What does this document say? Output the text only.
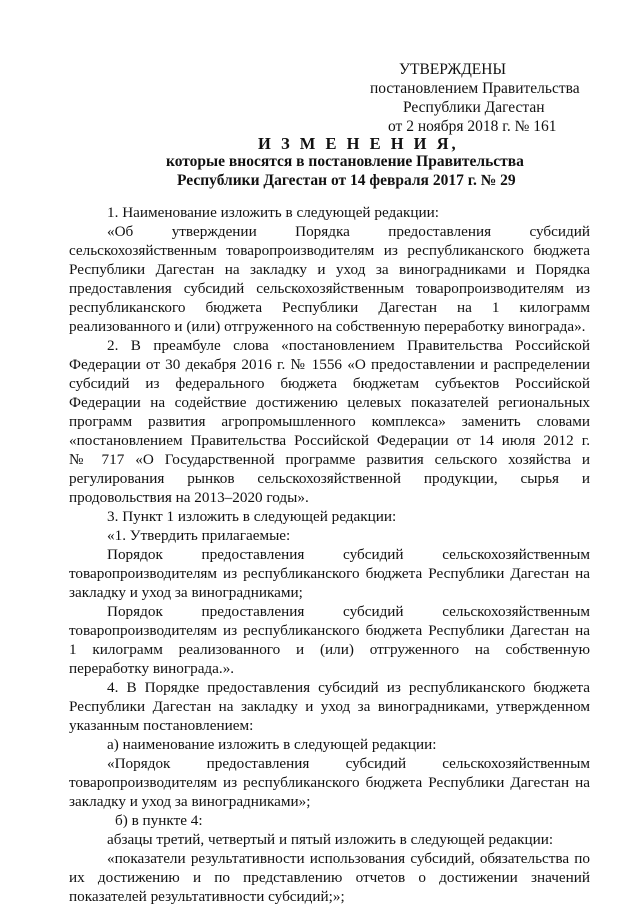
УТВЕРЖДЕНЫ
постановлением Правительства
Республики Дагестан
от 2 ноября 2018 г. № 161
И З М Е Н Е Н И Я,
которые вносятся в постановление Правительства
Республики Дагестан от 14 февраля 2017 г. № 29
1. Наименование изложить в следующей редакции:
«Об утверждении Порядка предоставления субсидий
сельскохозяйственным товаропроизводителям из республиканского бюджета
Республики Дагестан на закладку и уход за виноградниками и Порядка
предоставления субсидий сельскохозяйственным товаропроизводителям из
республиканского бюджета Республики Дагестан на 1 килограмм
реализованного и (или) отгруженного на собственную переработку винограда».
2. В преамбуле слова «постановлением Правительства Российской
Федерации от 30 декабря 2016 г. № 1556 «О предоставлении и распределении
субсидий из федерального бюджета бюджетам субъектов Российской
Федерации на содействие достижению целевых показателей региональных
программ развития агропромышленного комплекса» заменить словами
«постановлением Правительства Российской Федерации от 14 июля 2012 г.
№ 717 «О Государственной программе развития сельского хозяйства и
регулирования рынков сельскохозяйственной продукции, сырья и
продовольствия на 2013–2020 годы».
3. Пункт 1 изложить в следующей редакции:
«1. Утвердить прилагаемые:
Порядок предоставления субсидий сельскохозяйственным
товаропроизводителям из республиканского бюджета Республики Дагестан на
закладку и уход за виноградниками;
Порядок предоставления субсидий сельскохозяйственным
товаропроизводителям из республиканского бюджета Республики Дагестан на
1 килограмм реализованного и (или) отгруженного на собственную
переработку винограда.».
4. В Порядке предоставления субсидий из республиканского бюджета
Республики Дагестан на закладку и уход за виноградниками, утвержденном
указанным постановлением:
а) наименование изложить в следующей редакции:
«Порядок предоставления субсидий сельскохозяйственным
товаропроизводителям из республиканского бюджета Республики Дагестан на
закладку и уход за виноградниками»;
б) в пункте 4:
абзацы третий, четвертый и пятый изложить в следующей редакции:
«показатели результативности использования субсидий, обязательства по
их достижению и по представлению отчетов о достижении значений
показателей результативности субсидий;»;
